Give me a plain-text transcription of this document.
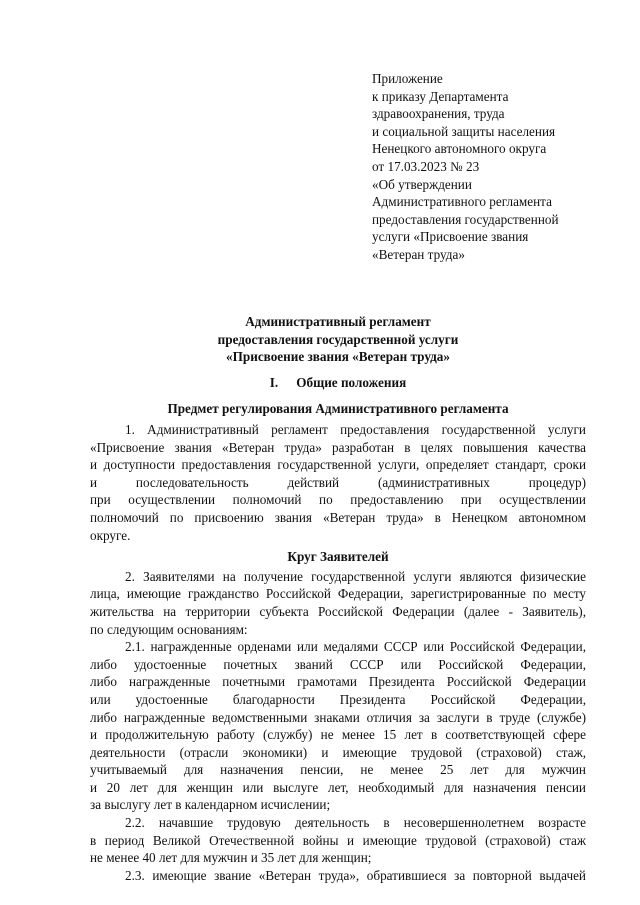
Приложение
к приказу Департамента
здравоохранения, труда
и социальной защиты населения
Ненецкого автономного округа
от 17.03.2023 № 23
«Об утверждении
Административного регламента
предоставления государственной
услуги «Присвоение звания
«Ветеран труда»
Административный регламент
предоставления государственной услуги
«Присвоение звания «Ветеран труда»
I. Общие положения
Предмет регулирования Административного регламента
1. Административный регламент предоставления государственной услуги
«Присвоение звания «Ветеран труда» разработан в целях повышения качества
и доступности предоставления государственной услуги, определяет стандарт, сроки
и последовательность действий (административных процедур)
при осуществлении полномочий по предоставлению при осуществлении
полномочий по присвоению звания «Ветеран труда» в Ненецком автономном
округе.
Круг Заявителей
2. Заявителями на получение государственной услуги являются физические
лица, имеющие гражданство Российской Федерации, зарегистрированные по месту
жительства на территории субъекта Российской Федерации (далее - Заявитель),
по следующим основаниям:
2.1. награжденные орденами или медалями СССР или Российской Федерации,
либо удостоенные почетных званий СССР или Российской Федерации,
либо награжденные почетными грамотами Президента Российской Федерации
или удостоенные благодарности Президента Российской Федерации,
либо награжденные ведомственными знаками отличия за заслуги в труде (службе)
и продолжительную работу (службу) не менее 15 лет в соответствующей сфере
деятельности (отрасли экономики) и имеющие трудовой (страховой) стаж,
учитываемый для назначения пенсии, не менее 25 лет для мужчин
и 20 лет для женщин или выслуге лет, необходимый для назначения пенсии
за выслугу лет в календарном исчислении;
2.2. начавшие трудовую деятельность в несовершеннолетнем возрасте
в период Великой Отечественной войны и имеющие трудовой (страховой) стаж
не менее 40 лет для мужчин и 35 лет для женщин;
2.3. имеющие звание «Ветеран труда», обратившиеся за повторной выдачей
